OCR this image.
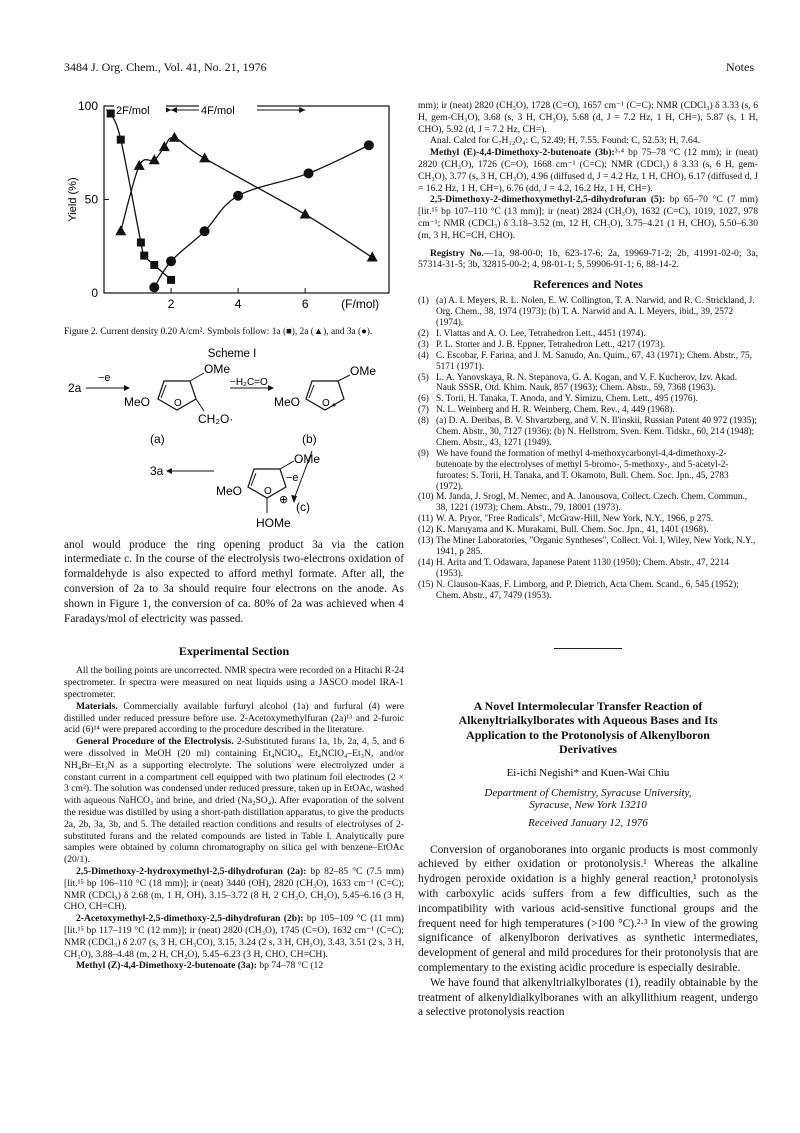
3484 J. Org. Chem., Vol. 41, No. 21, 1976	Notes
100
50
0
2	4	6	(F/mol)
Yield (%)
2F/mol	4F/mol

Figure 2. Current density 0.20 A/cm². Symbols follow: 1a (■), 2a (▲), and 3a (●).

Scheme I
2a
−e
O
OMe
MeO
CH₂O·
(a)
−H₂C=O
O
OMe
MeO
(b)
−e
O
⊕
OMe
MeO
(c)
HOMe
3a

anol would produce the ring opening product 3a via the cation intermediate c. In the course of the electrolysis two-electrons oxidation of formaldehyde is also expected to afford methyl formate. After all, the conversion of 2a to 3a should require four electrons on the anode. As shown in Figure 1, the conversion of ca. 80% of 2a was achieved when 4 Faradays/mol of electricity was passed.

Experimental Section

All the boiling points are uncorrected. NMR spectra were recorded on a Hitachi R-24 spectrometer. Ir spectra were measured on neat liquids using a JASCO model IRA-1 spectrometer.

Materials. Commercially available furfuryl alcohol (1a) and furfural (4) were distilled under reduced pressure before use. 2-Acetoxymethylfuran (2a)¹³ and 2-furoic acid (6)¹⁴ were prepared according to the procedure described in the literature.

General Procedure of the Electrolysis. 2-Substituted furans 1a, 1b, 2a, 4, 5, and 6 were dissolved in MeOH (20 ml) containing Et₄NClO₄, Et₄NClO₄–Et₃N, and/or NH₄Br–Et₃N as a supporting electrolyte. The solutions were electrolyzed under a constant current in a compartment cell equipped with two platinum foil electrodes (2 × 3 cm²). The solution was condensed under reduced pressure, taken up in EtOAc, washed with aqueous NaHCO₃ and brine, and dried (Na₂SO₄). After evaporation of the solvent the residue was distilled by using a short-path distillation apparatus, to give the products 2a, 2b, 3a, 3b, and 5. The detailed reaction conditions and results of electrolyses of 2-substituted furans and the related compounds are listed in Table I. Analytically pure samples were obtained by column chromatography on silica gel with benzene–EtOAc (20/1).

2,5-Dimethoxy-2-hydroxymethyl-2,5-dihydrofuran (2a): bp 82–85 °C (7.5 mm) [lit.¹⁵ bp 106–110 °C (18 mm)]; ir (neat) 3440 (OH), 2820 (CH₃O), 1633 cm⁻¹ (C=C); NMR (CDCl₃) δ 2.68 (m, 1 H, OH), 3.15–3.72 (8 H, 2 CH₃O, CH₂O), 5.45–6.16 (3 H, CHO, CH=CH).

2-Acetoxymethyl-2,5-dimethoxy-2,5-dihydrofuran (2b): bp 105–109 °C (11 mm) [lit.¹⁵ bp 117–119 °C (12 mm)]; ir (neat) 2820 (CH₃O), 1745 (C=O), 1632 cm⁻¹ (C=C); NMR (CDCl₃) δ 2.07 (s, 3 H, CH₃CO), 3.15, 3.24 (2 s, 3 H, CH₃O), 3.43, 3.51 (2 s, 3 H, CH₃O), 3.88–4.48 (m, 2 H, CH₂O), 5.45–6.23 (3 H, CHO, CH=CH).

Methyl (Z)-4,4-Dimethoxy-2-butenoate (3a): bp 74–78 °C (12

mm); ir (neat) 2820 (CH₃O), 1728 (C=O), 1657 cm⁻¹ (C=C); NMR (CDCl₃) δ 3.33 (s, 6 H, gem-CH₃O), 3.68 (s, 3 H, CH₃O), 5.68 (d, J = 7.2 Hz, 1 H, CH=), 5.87 (s, 1 H, CHO), 5.92 (d, J = 7.2 Hz, CH=).

Anal. Calcd for C₇H₁₂O₄: C, 52.49; H, 7.55. Found: C, 52.53; H, 7.64.

Methyl (E)-4,4-Dimethoxy-2-butenoate (3b):³·⁴ bp 75–78 °C (12 mm); ir (neat) 2820 (CH₃O), 1726 (C=O), 1668 cm⁻¹ (C=C); NMR (CDCl₃) δ 3.33 (s, 6 H, gem-CH₃O), 3.77 (s, 3 H, CH₃O), 4.96 (diffused d, J = 4.2 Hz, 1 H, CHO), 6.17 (diffused d, J = 16.2 Hz, 1 H, CH=), 6.76 (dd, J = 4.2, 16.2 Hz, 1 H, CH=).

2,5-Dimethoxy-2-dimethoxymethyl-2,5-dihydrofuran (5): bp 65–70 °C (7 mm) [lit.¹⁵ bp 107–110 °C (13 mm)]; ir (neat) 2824 (CH₃O), 1632 (C=C), 1019, 1027, 978 cm⁻¹; NMR (CDCl₃) δ 3.18–3.52 (m, 12 H, CH₃O), 3.75–4.21 (1 H, CHO), 5.50–6.30 (m, 3 H, HC=CH, CHO).

Registry No.—1a, 98-00-0; 1b, 623-17-6; 2a, 19969-71-2; 2b, 41991-02-0; 3a, 57314-31-5; 3b, 32815-00-2; 4, 98-01-1; 5, 59906-91-1; 6, 88-14-2.

References and Notes

(1) (a) A. I. Meyers, R. L. Nolen, E. W. Collington, T. A. Narwid, and R. C. Strickland, J. Org. Chem., 38, 1974 (1973); (b) T. A. Narwid and A. I. Meyers, ibid., 39, 2572 (1974).
(2) I. Vlattas and A. O. Lee, Tetrahedron Lett., 4451 (1974).
(3) P. L. Stotter and J. B. Eppner, Tetrahedron Lett., 4217 (1973).
(4) C. Escobar, F. Farina, and J. M. Sanudo, An. Quim., 67, 43 (1971); Chem. Abstr., 75, 5171 (1971).
(5) L. A. Yanovskaya, R. N. Stepanova, G. A. Kogan, and V. F. Kucherov, Izv. Akad. Nauk SSSR, Otd. Khim. Nauk, 857 (1963); Chem. Abstr., 59, 7368 (1963).
(6) S. Torii, H. Tanaka, T. Anoda, and Y. Simizu, Chem. Lett., 495 (1976).
(7) N. L. Weinberg and H. R. Weinberg, Chem. Rev., 4, 449 (1968).
(8) (a) D. A. Deribas, B. V. Shvartzberg, and V. N. Il'inskii, Russian Patent 40 972 (1935); Chem. Abstr., 30, 7127 (1936); (b) N. Hellstrom, Sven. Kem. Tidskr., 60, 214 (1948); Chem. Abstr., 43, 1271 (1949).
(9) We have found the formation of methyl 4-methoxycarbonyl-4,4-dimethoxy-2-butenoate by the electrolyses of methyl 5-bromo-, 5-methoxy-, and 5-acetyl-2-furoates: S. Torii, H. Tanaka, and T. Okamoto, Bull. Chem. Soc. Jpn., 45, 2783 (1972).
(10) M. Janda, J. Srogl, M. Nemec, and A. Janousova, Collect. Czech. Chem. Commun., 38, 1221 (1973); Chem. Abstr., 79, 18001 (1973).
(11) W. A. Pryor, "Free Radicals", McGraw-Hill, New York, N.Y., 1966, p 275.
(12) K. Maruyama and K. Murakami, Bull. Chem. Soc. Jpn., 41, 1401 (1968).
(13) The Miner Laboratories, "Organic Syntheses", Collect. Vol. I, Wiley, New York, N.Y., 1941, p 285.
(14) H. Arita and T. Odawara, Japanese Patent 1130 (1950); Chem. Abstr., 47, 2214 (1953).
(15) N. Clauson-Kaas, F. Limborg, and P. Dietrich, Acta Chem. Scand., 6, 545 (1952); Chem. Abstr., 47, 7479 (1953).

A Novel Intermolecular Transfer Reaction of Alkenyltrialkylborates with Aqueous Bases and Its Application to the Protonolysis of Alkenylboron Derivatives

Ei-ichi Negishi* and Kuen-Wai Chiu

Department of Chemistry, Syracuse University,

Syracuse, New York 13210

Received January 12, 1976

Conversion of organoboranes into organic products is most commonly achieved by either oxidation or protonolysis.¹ Whereas the alkaline hydrogen peroxide oxidation is a highly general reaction,¹ protonolysis with carboxylic acids suffers from a few difficulties, such as the incompatibility with various acid-sensitive functional groups and the frequent need for high temperatures (>100 °C).²·³ In view of the growing significance of alkenylboron derivatives as synthetic intermediates, development of general and mild procedures for their protonolysis that are complementary to the existing acidic procedure is especially desirable.

We have found that alkenyltrialkylborates (1), readily obtainable by the treatment of alkenyldialkylboranes with an alkyllithium reagent, undergo a selective protonolysis reaction
